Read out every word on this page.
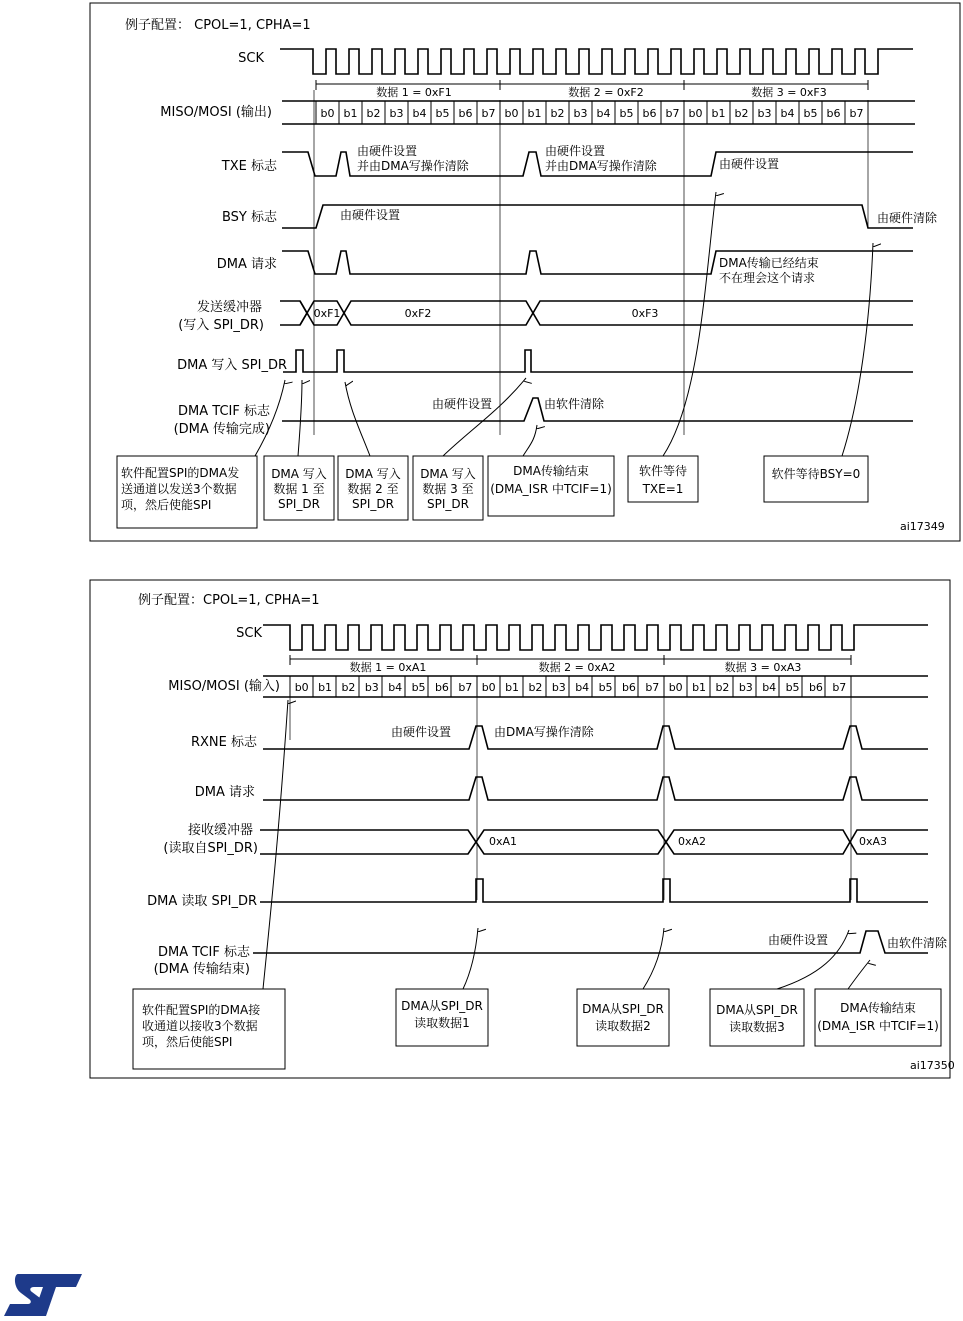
例子配置： CPOL=1, CPHA=1
ai17349
SCK
MISO/MOSI (输出)
TXE 标志
BSY 标志
DMA 请求
发送缓冲器
(写入 SPI_DR)
DMA 写入 SPI_DR
DMA TCIF 标志
(DMA 传输完成)
数据 1 = 0xF1	数据 2 = 0xF2	数据 3 = 0xF3
b0 b1 b2 b3 b4 b5 b6 b7 b0 b1 b2 b3 b4 b5 b6 b7 b0 b1 b2 b3 b4 b5 b6 b7
由硬件设置
并由DMA写操作清除
由硬件设置
并由DMA写操作清除	由硬件设置
由硬件设置	由硬件清除
DMA传输已经结束
不在理会这个请求
0xF1	0xF2	0xF3
由硬件设置	由软件清除
软件配置SPI的DMA发
送通道以发送3个数据
项，然后使能SPI
DMA 写入
数据 1 至
SPI_DR
DMA 写入
数据 2 至
SPI_DR
DMA 写入
数据 3 至
SPI_DR
DMA传输结束
(DMA_ISR 中TCIF=1)
软件等待
TXE=1
软件等待BSY=0
例子配置：CPOL=1, CPHA=1
ai17350
SCK
MISO/MOSI (输入)
RXNE 标志
DMA 请求
接收缓冲器
(读取自SPI_DR)
DMA 读取 SPI_DR
DMA TCIF 标志
(DMA 传输结束)
数据 1 = 0xA1	数据 2 = 0xA2	数据 3 = 0xA3
b0 b1 b2 b3 b4 b5 b6 b7 b0 b1 b2 b3 b4 b5 b6 b7 b0 b1 b2 b3 b4 b5 b6 b7
由硬件设置	由DMA写操作清除
0xA1	0xA2	0xA3
由硬件设置	由软件清除
软件配置SPI的DMA接
收通道以接收3个数据
项，然后使能SPI
DMA从SPI_DR
读取数据1
DMA从SPI_DR
读取数据2
DMA从SPI_DR
读取数据3
DMA传输结束
(DMA_ISR 中TCIF=1)
